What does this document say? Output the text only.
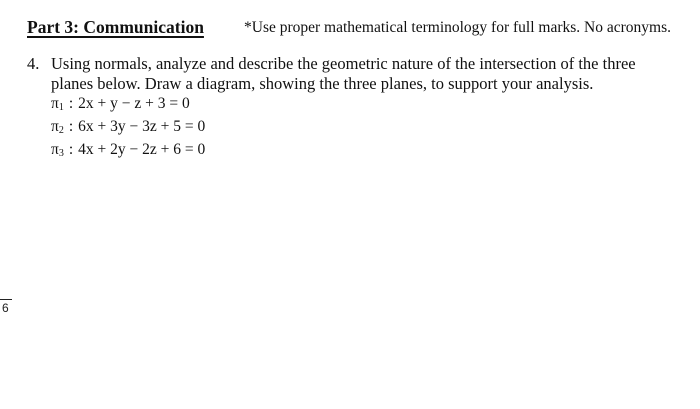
Part 3: Communication	*Use proper mathematical terminology for full marks. No acronyms.
4. Using normals, analyze and describe the geometric nature of the intersection of the three planes below. Draw a diagram, showing the three planes, to support your analysis.
$\pi_1$ : 2x + y − z + 3 = 0
$\pi_2$ : 6x + 3y − 3z + 5 = 0
$\pi_3$ : 4x + 2y − 2z + 6 = 0
6
